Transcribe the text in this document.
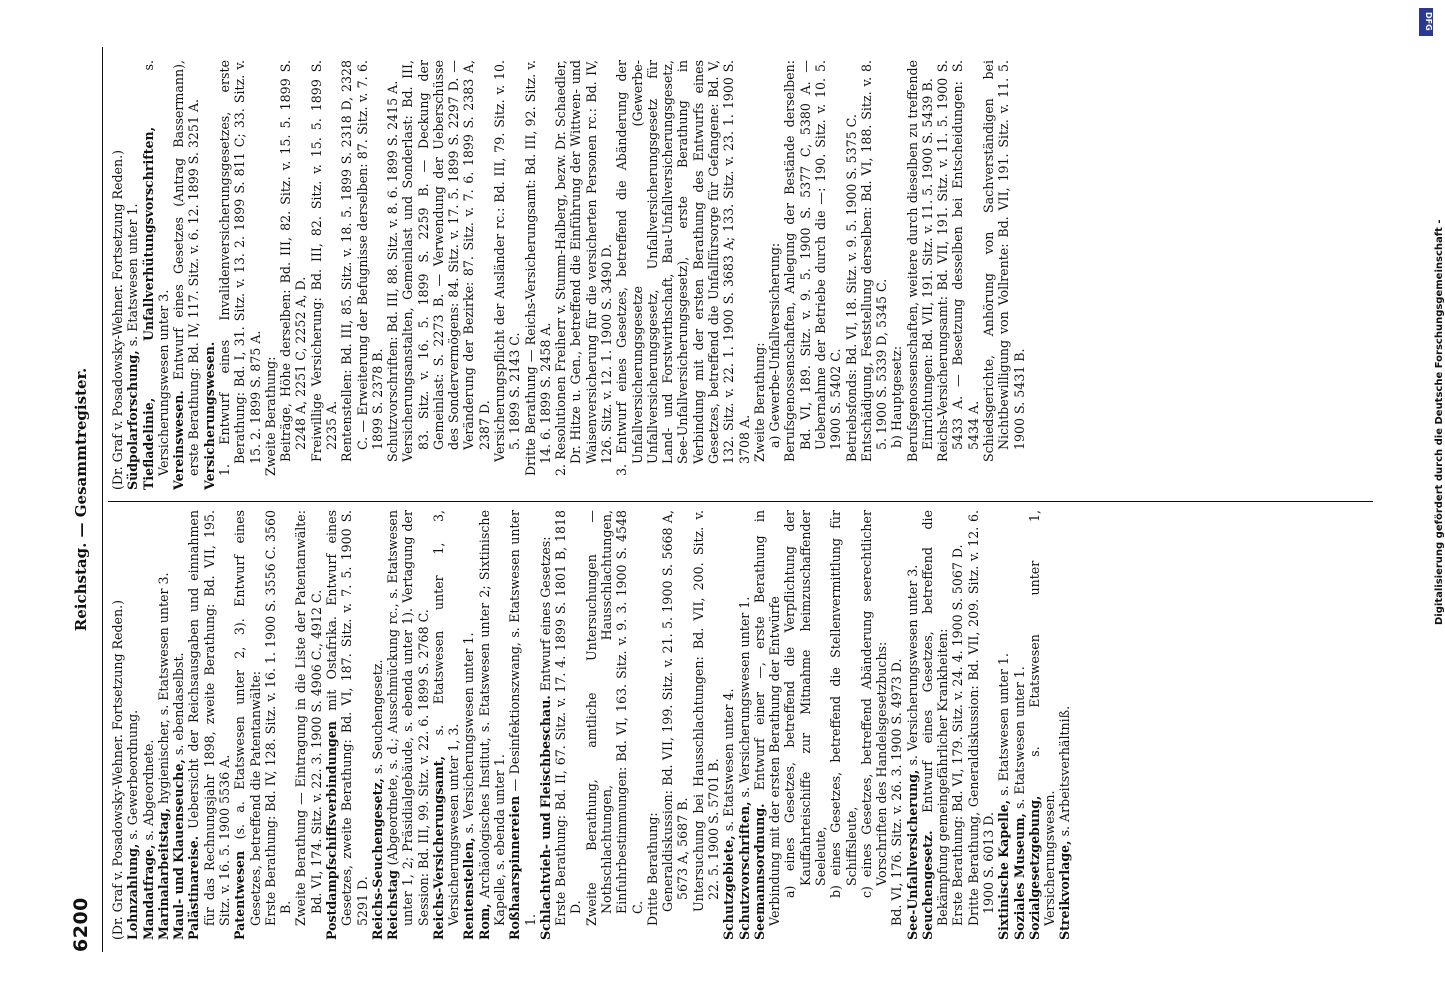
6200
Reichstag. — Gesammtregister.

(Dr. Graf v. Posadowsky-Wehner. Fortsetzung Reden.) Lohnzahlung, s. Gewerbeordnung.

Mandatfrage, s. Abgeordnete.

Marinalarbeitstag, hygienischer, s. Etatswesen unter 3.

Maul- und Klauenseuche, s. ebendaselbst.

Palästinareise. Uebersicht der Reichsausgaben und einnahmen für das Rechnungsjahr 1898, zweite Berathung: Bd. VII, 195. Sitz. v. 16. 5. 1900 5536 A. Patentwesen (s. a. Etatswesen unter 2, 3). Entwurf eines Gesetzes, betreffend die Patentanwälte: Erste Berathung: Bd. IV, 128. Sitz. v. 16. 1. 1900 S. 3556 C. 3560 B. Zweite Berathung — Eintragung in die Liste der Patentanwälte: Bd. VI, 174. Sitz. v. 22. 3. 1900 S. 4906 C., 4912 C. Postdampfschiffsverbindungen mit Ostafrika. Entwurf eines Gesetzes, zweite Berathung: Bd. VI, 187. Sitz. v. 7. 5. 1900 S. 5291 D. Reichs-Seuchengesetz, s. Seuchengesetz.

Reichstag (Abgeordnete, s. d.; Ausschmückung rc., s. Etatswesen unter 1, 2; Präsidialgebäude, s. ebenda unter 1). Vertagung der Session: Bd. III, 99. Sitz. v. 22. 6. 1899 S. 2768 C. Reichs-Versicherungsamt, s. Etatswesen unter 1, 3, Versicherungswesen unter 1, 3. Rentenstellen, s. Versicherungswesen unter 1.

Rom, Archäologisches Institut, s. Etatswesen unter 2; Sixtinische Kapelle, s. ebenda unter 1. Roßhaarspinnereien — Desinfektionszwang, s. Etatswesen unter 1. Schlachtvieh- und Fleischbeschau. Entwurf eines Gesetzes: Erste Berathung: Bd. II, 67. Sitz. v. 17. 4. 1899 S. 1801 B, 1818 D. Zweite Berathung, amtliche Untersuchungen — Nothschlachtungen, Hausschlachtungen, Einfuhrbestimmungen: Bd. VI, 163. Sitz. v. 9. 3. 1900 S. 4548 C. Dritte Berathung: Generaldiskussion: Bd. VII, 199. Sitz. v. 21. 5. 1900 S. 5668 A, 5673 A, 5687 B. Untersuchung bei Hausschlachtungen: Bd. VII, 200. Sitz. v. 22. 5. 1900 S. 5701 B. Schutzgebiete, s. Etatswesen unter 4.

Schutzvorschriften, s. Versicherungswesen unter 1.

Seemannsordnung. Entwurf einer —, erste Berathung in Verbindung mit der ersten Berathung der Entwürfe a) eines Gesetzes, betreffend die Verpflichtung der Kauffahrteischiffe zur Mitnahme heimzuschaffender Seeleute, b) eines Gesetzes, betreffend die Stellenvermittlung für Schiffsleute, c) eines Gesetzes, betreffend Abänderung seerechtlicher Vorschriften des Handelsgesetzbuchs: Bd. VI, 176. Sitz. v. 26. 3. 1900 S. 4973 D. See-Unfallversicherung, s. Versicherungswesen unter 3.

Seuchengesetz. Entwurf eines Gesetzes, betreffend die Bekämpfung gemeingefährlicher Krankheiten: Erste Berathung: Bd. VI, 179. Sitz. v. 24. 4. 1900 S. 5067 D. Dritte Berathung, Generaldiskussion: Bd. VII, 209. Sitz. v. 12. 6. 1900 S. 6013 D. Sixtinische Kapelle, s. Etatswesen unter 1.

Soziales Museum, s. Etatswesen unter 1.

Sozialgesetzgebung, s. Etatswesen unter 1, Versicherungswesen. Streikvorlage, s. Arbeitsverhältniß.

(Dr. Graf v. Posadowsky-Wehner. Fortsetzung Reden.) Südpolarforschung, s. Etatswesen unter 1. Tiefladelinie, Unfallverhütungsvorschriften, s. Versicherungswesen unter 3. Vereinswesen. Entwurf eines Gesetzes (Antrag Bassermann), erste Berathung: Bd. IV, 117. Sitz. v. 6. 12. 1899 S. 3251 A. Versicherungswesen. 1. Entwurf eines Invalidenversicherungsgesetzes, erste Berathung: Bd. I, 31. Sitz. v. 13. 2. 1899 S. 811 C; 33. Sitz. v. 15. 2. 1899 S. 875 A. Zweite Berathung: Beiträge, Höhe derselben: Bd. III, 82. Sitz. v. 15. 5. 1899 S. 2248 A, 2251 C, 2252 A, D. Freiwillige Versicherung: Bd. III, 82. Sitz. v. 15. 5. 1899 S. 2235 A. Rentenstellen: Bd. III, 85. Sitz. v. 18. 5. 1899 S. 2318 D, 2328 C. — Erweiterung der Befugnisse derselben: 87. Sitz. v. 7. 6. 1899 S. 2378 B. Schutzvorschriften: Bd. III, 88. Sitz. v. 8. 6. 1899 S. 2415 A. Versicherungsanstalten, Gemeinlast und Sonderlast: Bd. III, 83. Sitz. v. 16. 5. 1899 S. 2259 B. — Deckung der Gemeinlast: S. 2273 B. — Verwendung der Ueberschüsse des Sondervermögens: 84. Sitz. v. 17. 5. 1899 S. 2297 D. — Veränderung der Bezirke: 87. Sitz. v. 7. 6. 1899 S. 2383 A, 2387 D. Versicherungspflicht der Ausländer rc.: Bd. III, 79. Sitz. v. 10. 5. 1899 S. 2143 C. Dritte Berathung — Reichs-Versicherungsamt: Bd. III, 92. Sitz. v. 14. 6. 1899 S. 2458 A. 2. Resolutionen Freiherr v. Stumm-Halberg, bezw. Dr. Schaedler, Dr. Hitze u. Gen., betreffend die Einführung der Wittwen- und Waisenversicherung für die versicherten Personen rc.: Bd. IV, 126. Sitz. v. 12. 1. 1900 S. 3490 D. 3. Entwurf eines Gesetzes, betreffend die Abänderung der Unfallversicherungsgesetze (Gewerbe-Unfallversicherungsgesetz, Unfallversicherungsgesetz für Land- und Forstwirthschaft, Bau-Unfallversicherungsgesetz, See-Unfallversicherungsgesetz), erste Berathung in Verbindung mit der ersten Berathung des Entwurfs eines Gesetzes, betreffend die Unfallfürsorge für Gefangene: Bd. V, 132. Sitz. v. 22. 1. 1900 S. 3683 A; 133. Sitz. v. 23. 1. 1900 S. 3708 A. Zweite Berathung: a) Gewerbe-Unfallversicherung: Berufsgenossenschaften, Anlegung der Bestände derselben: Bd. VI, 189. Sitz. v. 9. 5. 1900 S. 5377 C, 5380 A. — Uebernahme der Betriebe durch die —: 190. Sitz. v. 10. 5. 1900 S. 5402 C. Betriebsfonds: Bd. VI, 18. Sitz. v. 9. 5. 1900 S. 5375 C. Entschädigung, Feststellung derselben: Bd. VI, 188. Sitz. v. 8. 5. 1900 S. 5339 D, 5345 C. b) Hauptgesetz: Berufsgenossenschaften, weitere durch dieselben zu treffende Einrichtungen: Bd. VII, 191. Sitz. v. 11. 5. 1900 S. 5439 B. Reichs-Versicherungsamt: Bd. VII, 191. Sitz. v. 11. 5. 1900 S. 5433 A. — Besetzung desselben bei Entscheidungen: S. 5434 A. Schiedsgerichte, Anhörung von Sachverständigen bei Nichtbewilligung von Vollrente: Bd. VII, 191. Sitz. v. 11. 5. 1900 S. 5431 B.

DFG
Digitalisierung gefördert durch die Deutsche Forschungsgemeinschaft -
